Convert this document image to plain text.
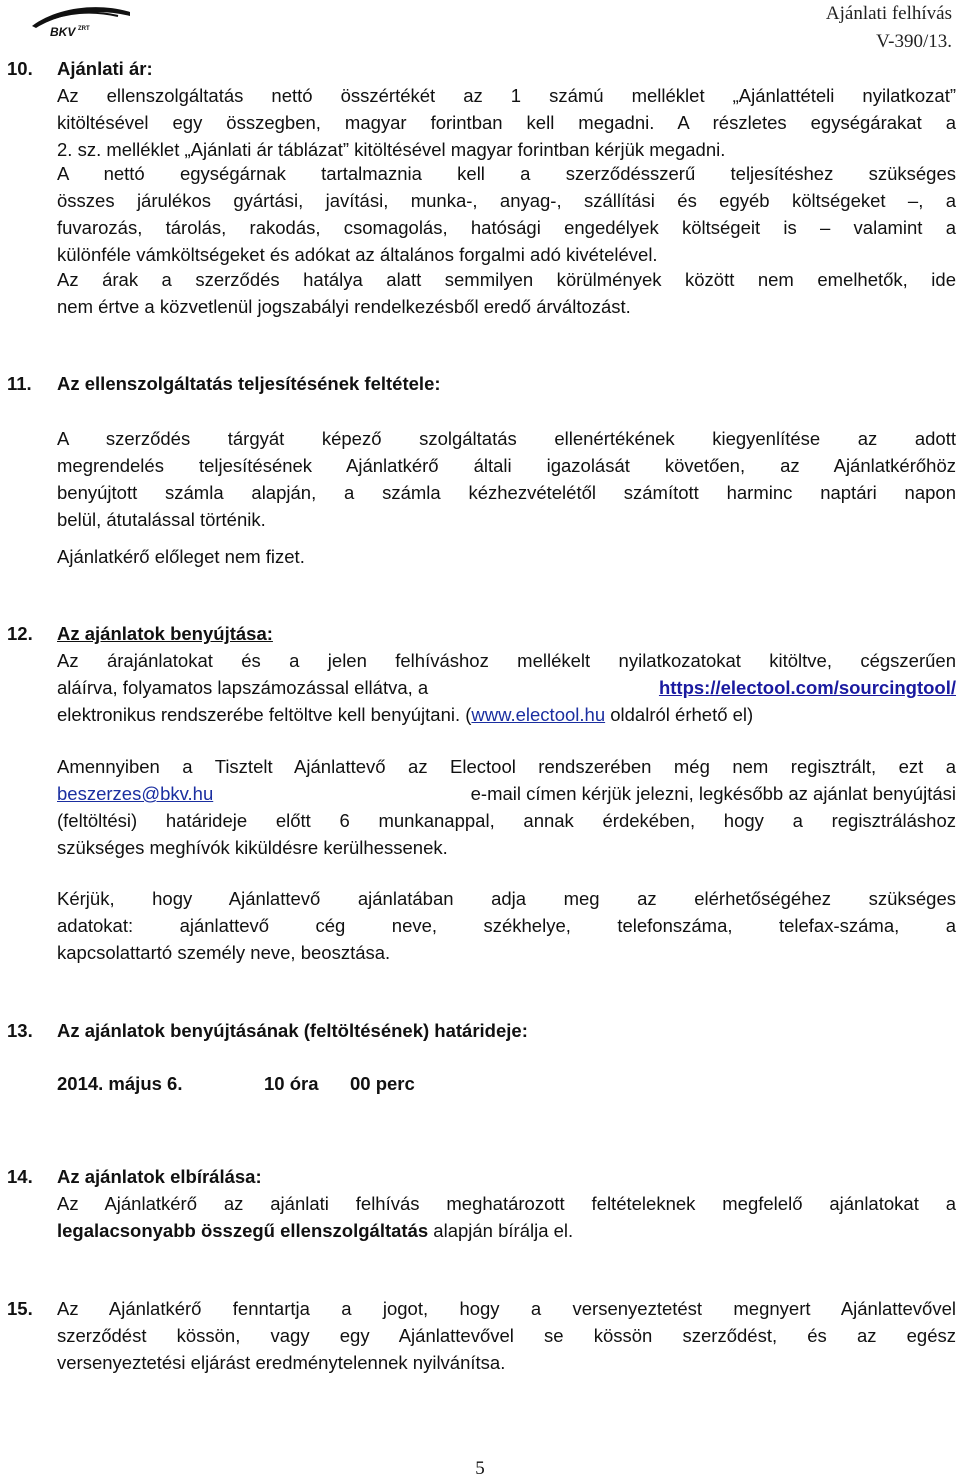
BKV ZRT
Ajánlati felhívás
V-390/13.
10. Ajánlati ár:
Az ellenszolgáltatás nettó összértékét az 1 számú melléklet „Ajánlattételi nyilatkozat”
kitöltésével egy összegben, magyar forintban kell megadni. A részletes egységárakat a
2. sz. melléklet „Ajánlati ár táblázat” kitöltésével magyar forintban kérjük megadni.
A nettó egységárnak tartalmaznia kell a szerződésszerű teljesítéshez szükséges
összes járulékos gyártási, javítási, munka-, anyag-, szállítási és egyéb költségeket –, a
fuvarozás, tárolás, rakodás, csomagolás, hatósági engedélyek költségeit is – valamint a
különféle vámköltségeket és adókat az általános forgalmi adó kivételével.
Az árak a szerződés hatálya alatt semmilyen körülmények között nem emelhetők, ide
nem értve a közvetlenül jogszabályi rendelkezésből eredő árváltozást.
11. Az ellenszolgáltatás teljesítésének feltétele:
A szerződés tárgyát képező szolgáltatás ellenértékének kiegyenlítése az adott
megrendelés teljesítésének Ajánlatkérő általi igazolását követően, az Ajánlatkérőhöz
benyújtott számla alapján, a számla kézhezvételétől számított harminc naptári napon
belül, átutalással történik.
Ajánlatkérő előleget nem fizet.
12. Az ajánlatok benyújtása:
Az árajánlatokat és a jelen felhíváshoz mellékelt nyilatkozatokat kitöltve, cégszerűen
aláírva, folyamatos lapszámozással ellátva, a	https://electool.com/sourcingtool/
elektronikus rendszerébe feltöltve kell benyújtani. (www.electool.hu oldalról érhető el)
Amennyiben a Tisztelt Ajánlattevő az Electool rendszerében még nem regisztrált, ezt a
beszerzes@bkv.hu	e-mail címen kérjük jelezni, legkésőbb az ajánlat benyújtási
(feltöltési) határideje előtt 6 munkanappal, annak érdekében, hogy a regisztráláshoz
szükséges meghívók kiküldésre kerülhessenek.
Kérjük, hogy Ajánlattevő ajánlatában adja meg az elérhetőségéhez szükséges
adatokat: ajánlattevő cég neve, székhelye, telefonszáma, telefax-száma, a
kapcsolattartó személy neve, beosztása.
13. Az ajánlatok benyújtásának (feltöltésének) határideje:
2014. május 6.	10 óra 00 perc
14. Az ajánlatok elbírálása:
Az Ajánlatkérő az ajánlati felhívás meghatározott feltételeknek megfelelő ajánlatokat a
legalacsonyabb összegű ellenszolgáltatás alapján bírálja el.
15. Az Ajánlatkérő fenntartja a jogot, hogy a versenyeztetést megnyert Ajánlattevővel
szerződést kössön, vagy egy Ajánlattevővel se kössön szerződést, és az egész
versenyeztetési eljárást eredménytelennek nyilvánítsa.
5
